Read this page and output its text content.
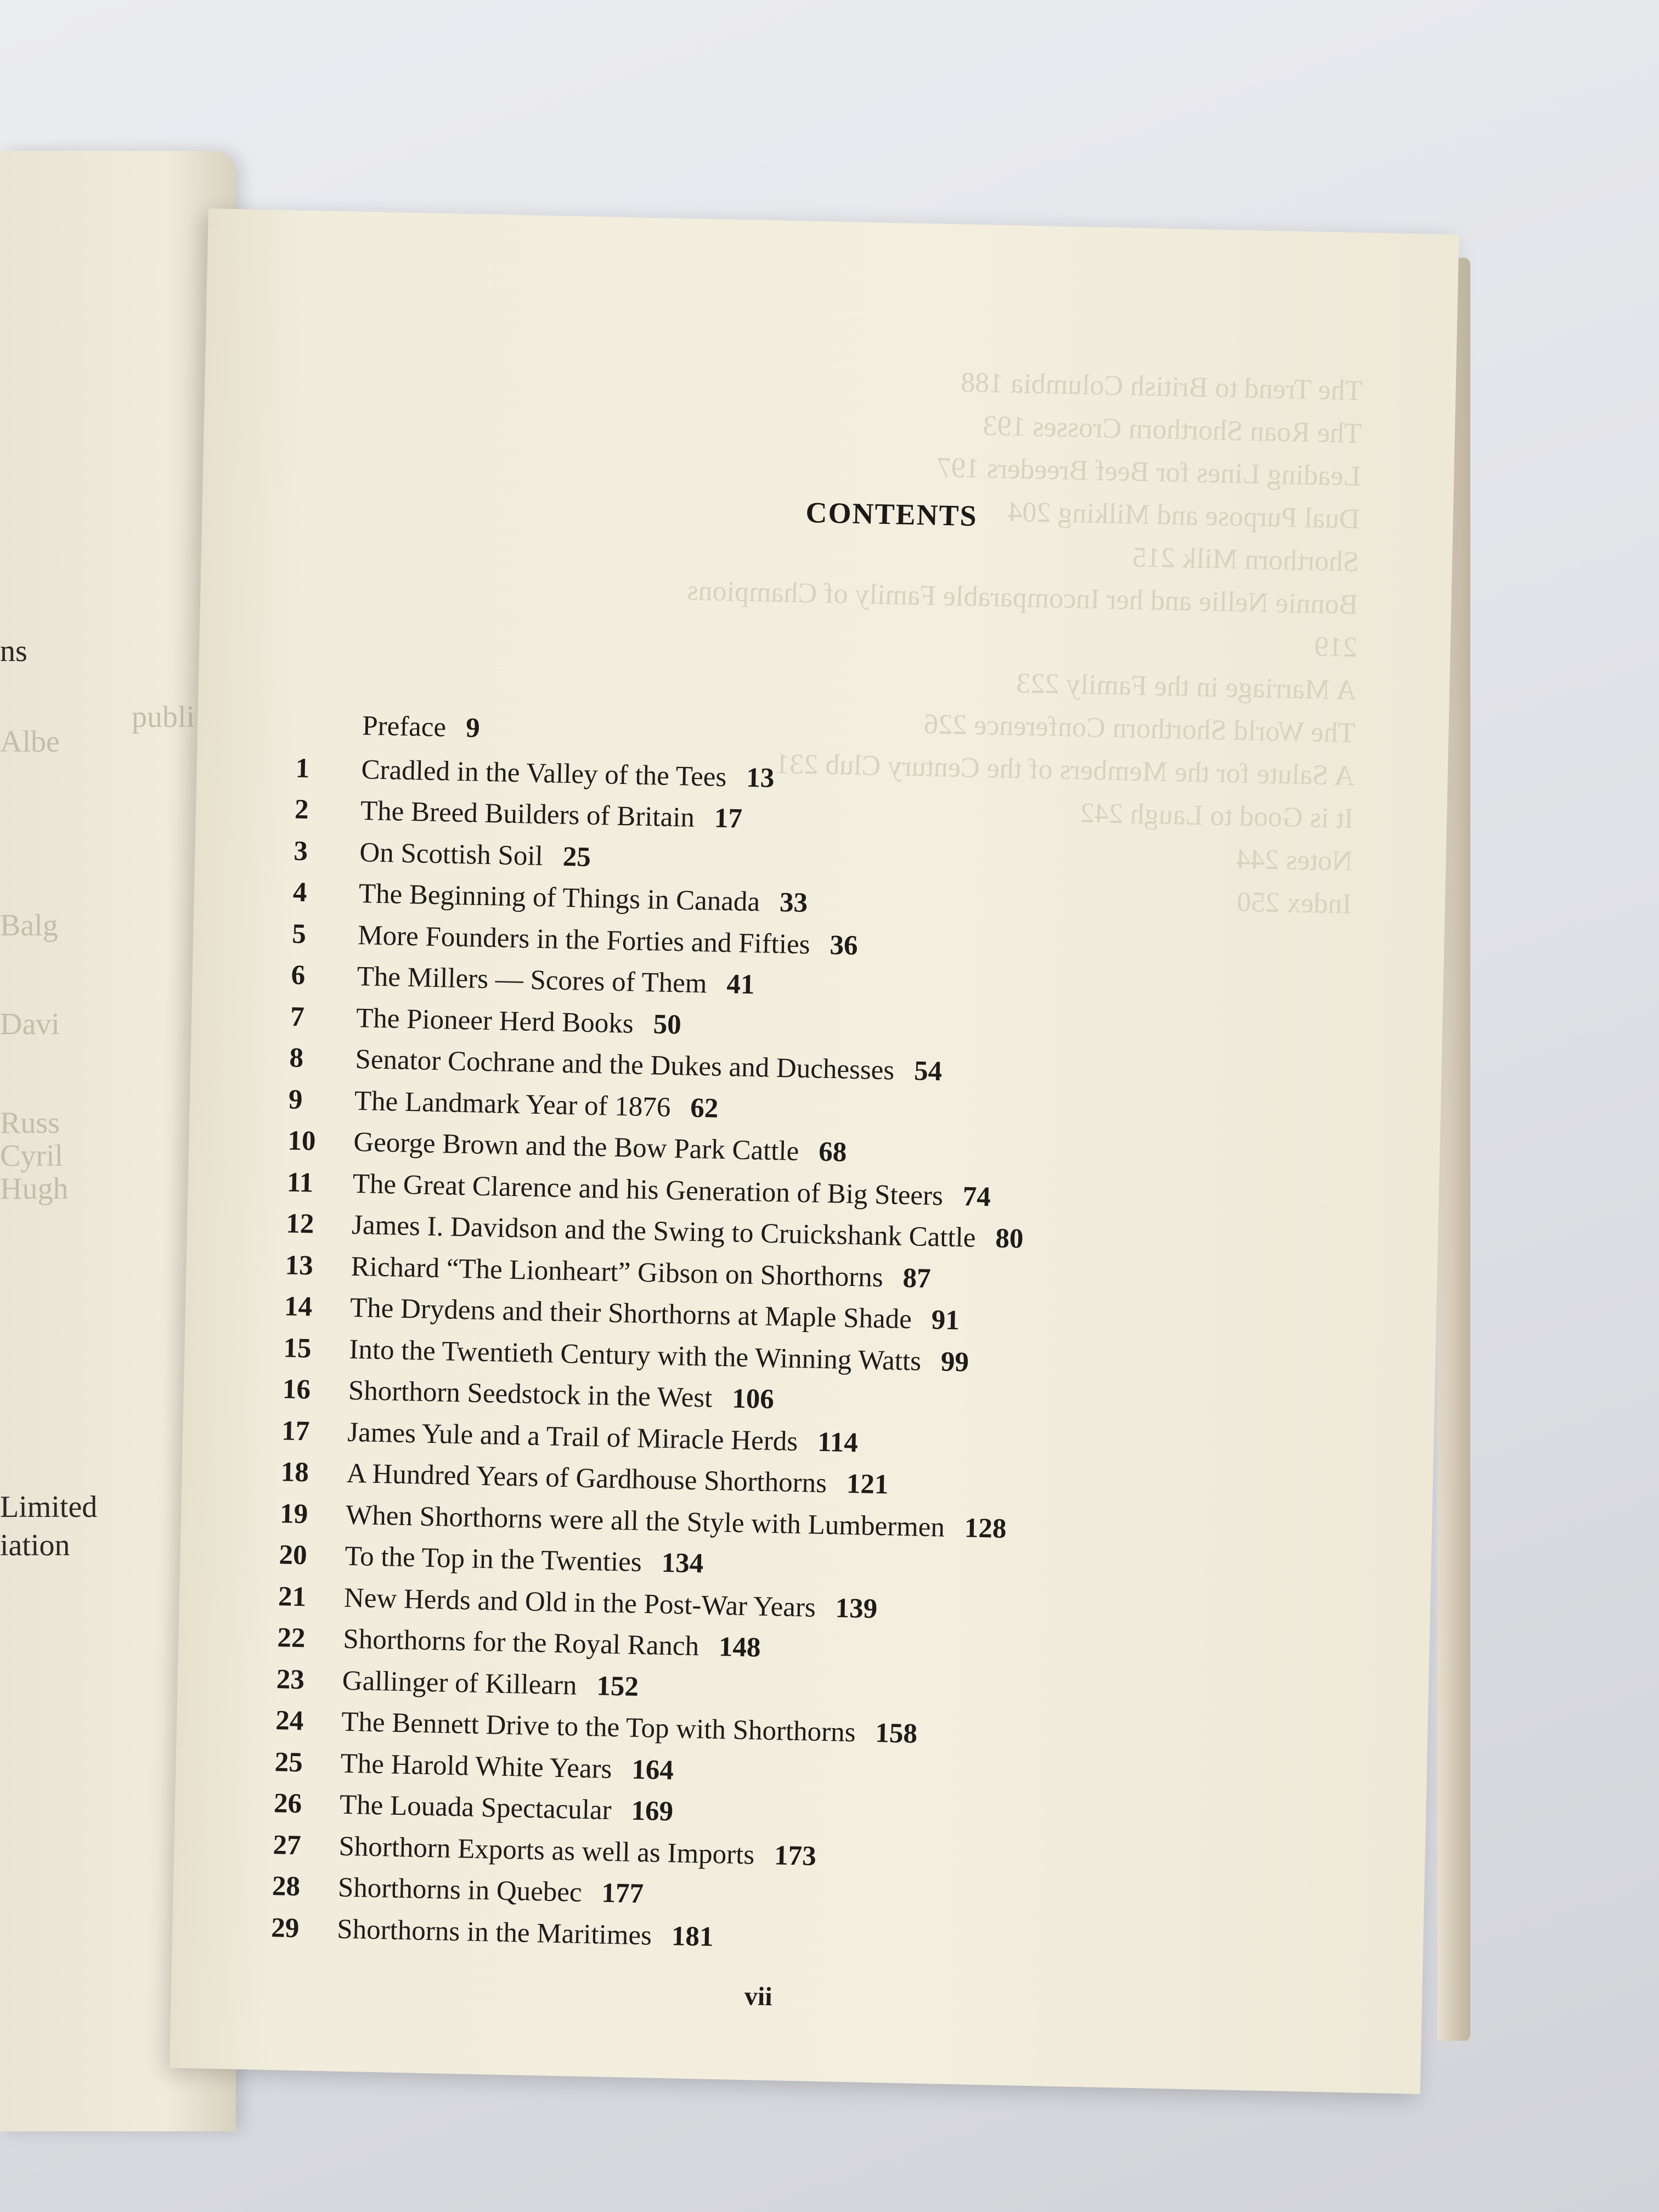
ns
Albe
publi
Balg
Davi
Russ
Cyril
Hugh
Limited
iation
The Trend to British Columbia 188
The Roan Shorthorn Crosses 193
Leading Lines for Beef Breeders 197
Dual Purpose and Milking 204
Shorthorn Milk 215
Bonnie Nellie and her Incomparable Family of Champions 219
A Marriage in the Family 223
The World Shorthorn Conference 226
A Salute for the Members of the Century Club 231
It is Good to Laugh 242
Notes 244
Index 250
CONTENTS
Preface 9
1 Cradled in the Valley of the Tees 13
2 The Breed Builders of Britain 17
3 On Scottish Soil 25
4 The Beginning of Things in Canada 33
5 More Founders in the Forties and Fifties 36
6 The Millers — Scores of Them 41
7 The Pioneer Herd Books 50
8 Senator Cochrane and the Dukes and Duchesses 54
9 The Landmark Year of 1876 62
10 George Brown and the Bow Park Cattle 68
11 The Great Clarence and his Generation of Big Steers 74
12 James I. Davidson and the Swing to Cruickshank Cattle 80
13 Richard “The Lionheart” Gibson on Shorthorns 87
14 The Drydens and their Shorthorns at Maple Shade 91
15 Into the Twentieth Century with the Winning Watts 99
16 Shorthorn Seedstock in the West 106
17 James Yule and a Trail of Miracle Herds 114
18 A Hundred Years of Gardhouse Shorthorns 121
19 When Shorthorns were all the Style with Lumbermen 128
20 To the Top in the Twenties 134
21 New Herds and Old in the Post-War Years 139
22 Shorthorns for the Royal Ranch 148
23 Gallinger of Killearn 152
24 The Bennett Drive to the Top with Shorthorns 158
25 The Harold White Years 164
26 The Louada Spectacular 169
27 Shorthorn Exports as well as Imports 173
28 Shorthorns in Quebec 177
29 Shorthorns in the Maritimes 181
vii
